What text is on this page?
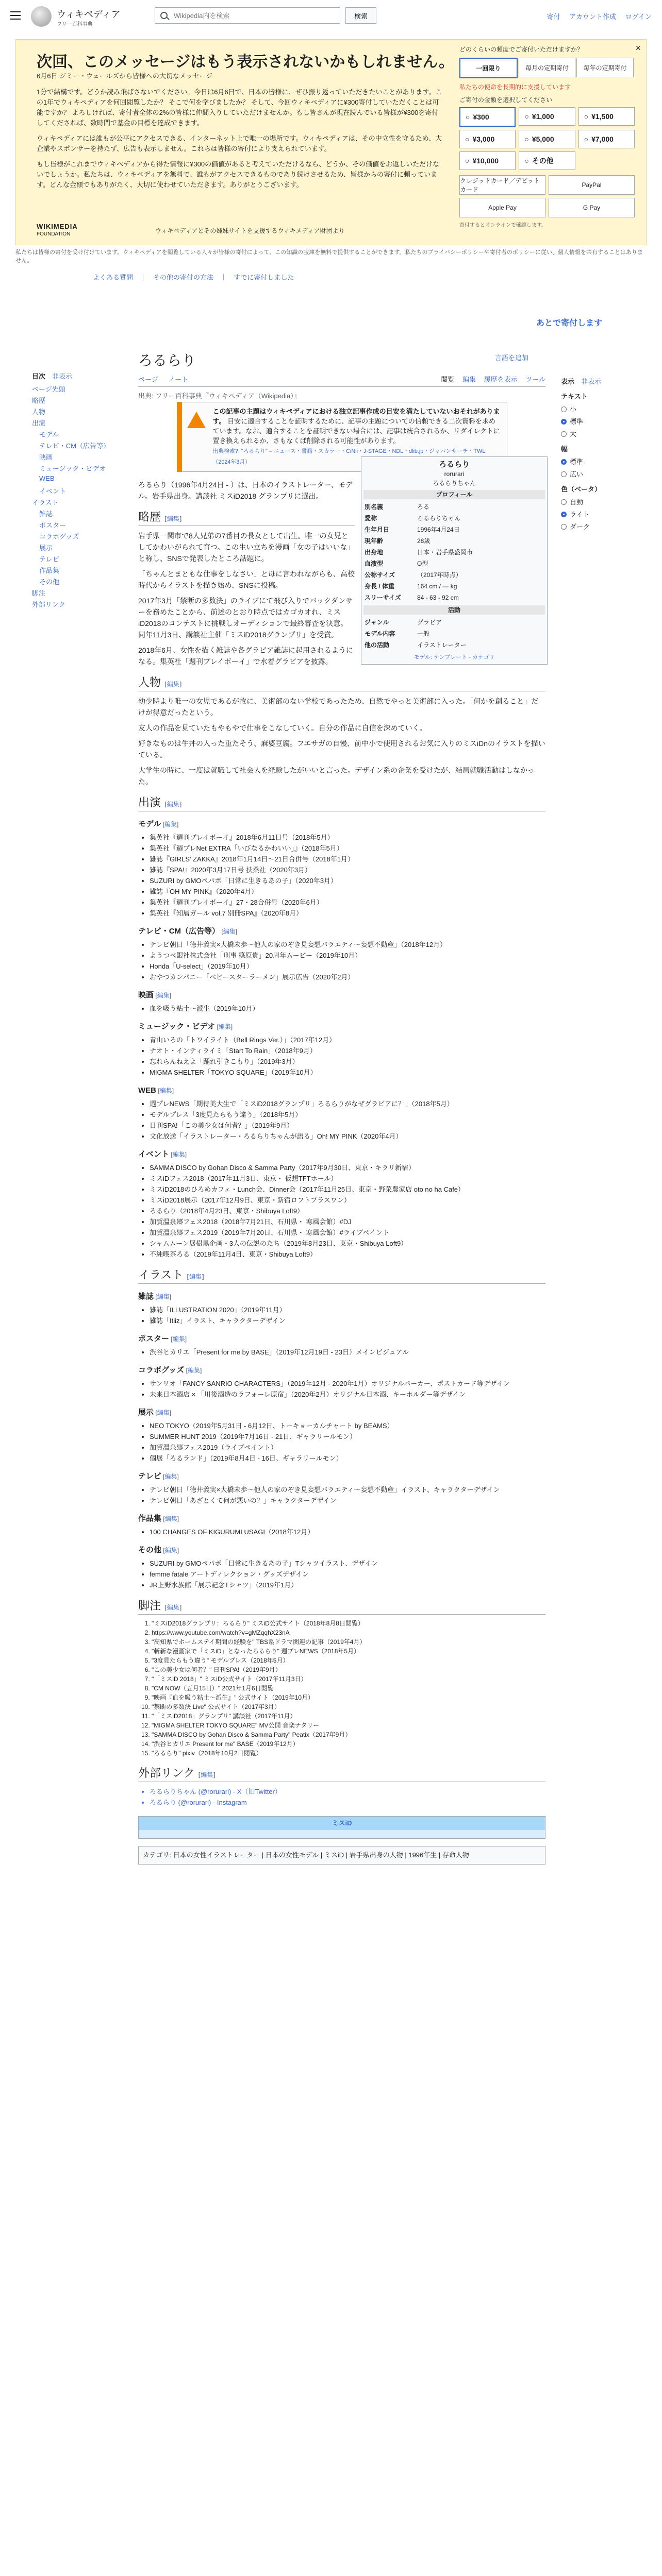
ウィキペディア
フリー百科事典
Wikipedia内を検索
検索	寄付 アカウント作成 ログイン
×
次回、このメッセージはもう表示されないかもしれません。
6月6日 ジミー・ウェールズから皆様への大切なメッセージ

1分で結構です。どうか読み飛ばさないでください。今日は6月6日で、日本の皆様に、ぜひ振り返っていただきたいことがあります。この1年でウィキペディアを何回閲覧したか？ そこで何を学びましたか？ そして、今回ウィキペディアに¥300寄付していただくことは可能ですか？ よろしければ、寄付者全体の2%の皆様に仲間入りしていただけませんか。もし皆さんが現在読んでいる皆様が¥300を寄付してくだされば、数時間で基金の目標を達成できます。

ウィキペディアには誰もが公平にアクセスできる、インターネット上で唯一の場所です。ウィキペディアは、その中立性を守るため、大企業やスポンサーを持たず、広告も表示しません。これらは皆様の寄付により支えられています。

もし皆様がこれまでウィキペディアから得た情報に¥300の価値があると考えていただけるなら、どうか、その価値をお返しいただけないでしょうか。私たちは、ウィキペディアを無料で、誰もがアクセスできるものであり続けさせるため、皆様からの寄付に頼っています。どんな金額でもありがたく、大切に使わせていただきます。ありがとうございます。

WIKIMEDIA
FOUNDATION	ウィキペディアとその姉妹サイトを支援するウィキメディア財団より
どのくらいの頻度でご寄付いただけますか？
一回限り	毎月の定期寄付	毎年の定期寄付
私たちの使命を長期的に支援しています
ご寄付の金額を選択してください
○ ¥300	○ ¥1,000	○ ¥1,500
○ ¥3,000	○ ¥5,000	○ ¥7,000
○ ¥10,000	○ その他
クレジットカード／デビットカード
PayPal
Apple Pay	G Pay
寄付するとオンラインで確認します。
私たちは皆様の寄付を受け付けています。ウィキペディアを閲覧している人々が皆様の寄付によって、この知識の宝庫を無料で提供することができます。私たちのプライバシーポリシーや寄付者のポリシーに従い、個人情報を共有することはありません。
よくある質問　｜　その他の寄付の方法　｜　すでに寄付しました
あとで寄付します
ろるらり	言語を追加
ページ ノート	閲覧 編集 履歴を表示 ツール
出典: フリー百科事典『ウィキペディア（Wikipedia）』
目次　 非表示
ページ先頭
略歴
人物
出演
モデル
テレビ・CM（広告等）
映画
ミュージック・ビデオ
WEB
イベント
イラスト
雑誌
ポスター
コラボグッズ
展示
テレビ
作品集
その他
脚注
外部リンク
表示　 非表示
テキスト
小
標準
大
幅
標準
広い
色（ベータ）
自動
ライト
ダーク
この記事の主題はウィキペディアにおける独立記事作成の目安を満たしていないおそれがあります。 目安に適合することを証明するために、記事の主題についての信頼できる二次資料を求めています。なお、適合することを証明できない場合には、記事は統合されるか、リダイレクトに置き換えられるか、さもなくば削除される可能性があります。
出典検索?: "ろるらり" – ニュース・書籍・スカラー・CiNii・J-STAGE・NDL・dlib.jp・ジャパンサーチ・TWL（2024年3月）	ろるらり
rorurari
ろるらりちゃん
プロフィール
別名義	ろる
愛称	ろるらりちゃん
生年月日	1996年4月24日
現年齢	28歳
出身地	日本・岩手県盛岡市
血液型	O型
公称サイズ	（2017年時点）
身長 / 体重	164 cm / ― kg
スリーサイズ	84 - 63 - 92 cm
活動
ジャンル	グラビア
モデル内容	一般
他の活動	イラストレーター
モデル: テンプレート - カテゴリ

ろるらり（1996年4月24日 - ）は、日本のイラストレーター、モデル。岩手県出身。講談社 ミスiD2018 グランプリに選出。

略歴 [編集]

岩手県一関市で8人兄弟の7番目の長女として出生。唯一の女児としてかわいがられて育つ。この生い立ちを漫画「女の子はいいな」と称し、SNSで発表したところ話題に。

「ちゃんとまともな仕事をしなさい」と母に言われながらも、高校時代からイラストを描き始め、SNSに投稿。

2017年3月「禁断の多数決」のライブにて飛び入りでバックダンサーを務めたことから、前述のとおり時点ではカゴカオれ、ミスiD2018のコンテストに挑戦しオーディションで最終審査を決意。同年11月3日、講談社主催「ミスiD2018グランプリ」を受賞。

2018年6月、女性を描く雑誌や各グラビア雑誌に起用されるようになる。集英社「週刊プレイボーイ」で水着グラビアを披露。

人物 [編集]

幼少時より唯一の女児であるが故に、美術部のない学校であったため、自然でやっと美術部に入った。「何かを創ること」だけが得意だったという。

友人の作品を見ていたもやもやで仕事をこなしていく。自分の作品に自信を深めていく。

好きなものは牛丼の入った重たそう、麻婆豆腐。フエサガの自慢、前中小で使用されるお気に入りのミスiDnのイラストを描いている。

大学生の時に、一度は就職して社会人を経験したがいいと言った。デザイン系の企業を受けたが、結局就職活動はしなかった。

出演 [編集]
モデル [編集]
• 集英社『週刊プレイボーイ』2018年6月11日号（2018年5月）
• 集英社『週プレNet EXTRA「いびなるかわいい」』（2018年5月）
• 雑誌『GIRLS' ZAKKA』2018年1月14日～21日合併号（2018年1月）
• 雑誌『SPA!』2020年3月17日号 扶桑社（2020年3月）
• SUZURI by GMOペパボ「日常に生きるあの子」（2020年3月）
• 雑誌『OH MY PINK』（2020年4月）
• 集英社『週刊プレイボーイ』27・28合併号（2020年6月）
• 集英社『知層ガール vol.7 別冊SPA』（2020年8月）
テレビ・CM（広告等） [編集]
• テレビ朝日「徳井義実×大橋未歩～他人の家のぞき見妄想バラエティ～妄想不動産」（2018年12月）
• ようつべ銀社株式会社「刑事 篠原貴」20周年ムービー（2019年10月）
• Honda「U-select」（2019年10月）
• おやつカンパニー「ベビースターラーメン」展示広告（2020年2月）
映画 [編集]
• 血を吸う粘土～派生（2019年10月）
ミュージック・ビデオ [編集]
• 青山いろの「トワイライト（Bell Rings Ver.）」（2017年12月）
• ナオト・インティライミ「Start To Rain」（2018年9月）
• 忘れらんねえよ「踊れ引きこもり」（2019年3月）
• MIGMA SHELTER「TOKYO SQUARE」（2019年10月）
WEB [編集]
• 週プレNEWS「期待美大生で「ミスiD2018グランプリ」ろるらりがなぜグラビアに？」（2018年5月）
• モデルプレス「3度見たらもう違う」（2018年5月）
• 日刊SPA!「この美少女は何者？」（2019年9月）
• 文化放送「イラストレーター・ろるらりちゃんが語る」Oh! MY PINK（2020年4月）
イベント [編集]
• SAMMA DISCO by Gohan Disco & Samma Party（2017年9月30日、東京・キラリ新宿）
• ミスiDフェス2018（2017年11月3日、東京・ 仮想TFTホール）
• ミスiD2018のひろめカフェ・Lunch会、Dinner会（2017年11月25日、東京・野菜農家店 oto no ha Cafe）
• ミスiD2018展示（2017年12月9日、東京・新宿ロフトプラスワン）
• ろるらり（2018年4月23日、東京・Shibuya Loft9）
• 加賀温泉郷フェス2018（2018年7月21日、石川県・ 寒風会館）#DJ
• 加賀温泉郷フェス2019（2019年7月20日、石川県・ 寒風会館）#ライブペイント
• シャムムーン展樹黒企画・3人の伝説のたち（2019年8月23日、東京・Shibuya Loft9）
• 不純喫茶ろる（2019年11月4日、東京・Shibuya Loft9）
イラスト [編集]
雑誌 [編集]
• 雑誌「ILLUSTRATION 2020」（2019年11月）
• 雑誌「Itiiz」イラスト、キャラクターデザイン
ポスター [編集]
• 渋谷ヒカリエ「Present for me by BASE」（2019年12月19日 - 23日）メインビジュアル
コラボグッズ [編集]
• サンリオ「FANCY SANRIO CHARACTERS」（2019年12月 - 2020年1月）オリジナルパーカー、ポストカード等デザイン
• 未来日本酒店 × 「川後酒造のラフォーレ原宿」（2020年2月）オリジナル日本酒、キーホルダー等デザイン
展示 [編集]
• NEO TOKYO（2019年5月31日 - 6月12日、トーキョーカルチャート by BEAMS）
• SUMMER HUNT 2019（2019年7月16日 - 21日、ギャラリールモン）
• 加賀温泉郷フェス2019（ライブペイント）
• 個展「ろるランド」（2019年8月4日 - 16日、ギャラリールモン）
テレビ [編集]
• テレビ朝日「徳井義実×大橋未歩～他人の家のぞき見妄想バラエティ～妄想不動産」イラスト、キャラクターデザイン
• テレビ朝日「あざとくて何が悪いの？」キャラクターデザイン
作品集 [編集]
• 100 CHANGES OF KIGURUMI USAGI（2018年12月）
その他 [編集]
• SUZURI by GMOペパボ「日常に生きるあの子」Tシャツイラスト、デザイン
• femme fatale アートディレクション・グッズデザイン
• JR上野水族館「展示記念Tシャツ」（2019年1月）
脚注 [編集]
1. "ミスiD2018グランプリ：ろるらり" ミスiD公式サイト（2018年8月8日閲覧）
2. https://www.youtube.com/watch?v=gMZqqhX23nA
3. "高知県でホームステイ期間の経験を" TBS系ドラマ関連の記事（2019年4月）
4. "斬新な漫画家で「ミスiD」となったろるらり" 週プレNEWS（2018年5月）
5. "3度見たらもう違う" モデルプレス（2018年5月）
6. "この美少女は何者？" 日刊SPA!（2019年9月）
7. "「ミスiD 2018」" ミスiD公式サイト（2017年11月3日）
8. "CM NOW（五月15日）" 2021年1月6日閲覧
9. "映画『血を吸う粘土～派生』" 公式サイト（2019年10月）
10. "禁断の多数決 Live" 公式サイト（2017年3月）
11. "「ミスiD2018」グランプリ" 講談社（2017年11月）
12. "MIGMA SHELTER TOKYO SQUARE" MV公開 音楽ナタリー
13. "SAMMA DISCO by Gohan Disco & Samma Party" Peatix（2017年9月）
14. "渋谷ヒカリエ Present for me" BASE（2019年12月）
15. "ろるらり" pixiv（2018年10月2日閲覧）
外部リンク [編集]
• ろるらりちゃん (@rorurari) - X（旧Twitter）
• ろるらり (@rorurari) - Instagram
ミスiD
カテゴリ: 日本の女性イラストレーター | 日本の女性モデル | ミスiD | 岩手県出身の人物 | 1996年生 | 存命人物
